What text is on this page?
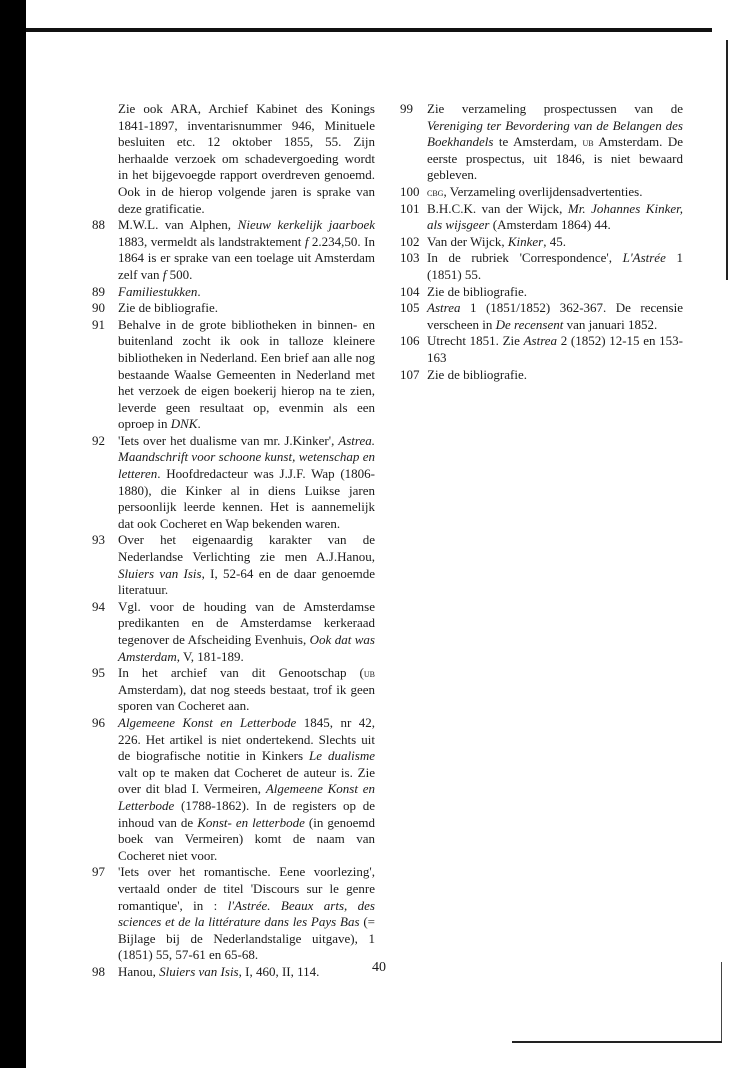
Zie ook ARA, Archief Kabinet des Konings 1841-1897, inventarisnummer 946, Minituele besluiten etc. 12 oktober 1855, 55. Zijn herhaalde verzoek om schadevergoeding wordt in het bijgevoegde rapport overdreven genoemd. Ook in de hierop volgende jaren is sprake van deze gratificatie.

88	M.W.L. van Alphen, Nieuw kerkelijk jaarboek 1883, vermeldt als landstraktement f 2.234,50. In 1864 is er sprake van een toelage uit Amsterdam zelf van f 500.

89	Familiestukken.

90	Zie de bibliografie.

91	Behalve in de grote bibliotheken in binnen- en buitenland zocht ik ook in talloze kleinere bibliotheken in Nederland. Een brief aan alle nog bestaande Waalse Gemeenten in Nederland met het verzoek de eigen boekerij hierop na te zien, leverde geen resultaat op, evenmin als een oproep in DNK.

92	'Iets over het dualisme van mr. J.Kinker', Astrea. Maandschrift voor schoone kunst, wetenschap en letteren. Hoofdredacteur was J.J.F. Wap (1806-1880), die Kinker al in diens Luikse jaren persoonlijk leerde kennen. Het is aannemelijk dat ook Cocheret en Wap bekenden waren.

93	Over het eigenaardig karakter van de Nederlandse Verlichting zie men A.J.Hanou, Sluiers van Isis, I, 52-64 en de daar genoemde literatuur.

94	Vgl. voor de houding van de Amsterdamse predikanten en de Amsterdamse kerkeraad tegenover de Afscheiding Evenhuis, Ook dat was Amsterdam, V, 181-189.

95	In het archief van dit Genootschap (ub Amsterdam), dat nog steeds bestaat, trof ik geen sporen van Cocheret aan.

96	Algemeene Konst en Letterbode 1845, nr 42, 226. Het artikel is niet ondertekend. Slechts uit de biografische notitie in Kinkers Le dualisme valt op te maken dat Cocheret de auteur is. Zie over dit blad I. Vermeiren, Algemeene Konst en Letterbode (1788-1862). In de registers op de inhoud van de Konst- en letterbode (in genoemd boek van Vermeiren) komt de naam van Cocheret niet voor.

97	'Iets over het romantische. Eene voorlezing', vertaald onder de titel 'Discours sur le genre romantique', in : l'Astrée. Beaux arts, des sciences et de la littérature dans les Pays Bas (= Bijlage bij de Nederlandstalige uitgave), 1 (1851) 55, 57-61 en 65-68.

98	Hanou, Sluiers van Isis, I, 460, II, 114.

99	Zie verzameling prospectussen van de Vereniging ter Bevordering van de Belangen des Boekhandels te Amsterdam, ub Amsterdam. De eerste prospectus, uit 1846, is niet bewaard gebleven.

100 cbg, Verzameling overlijdensadvertenties.

101 B.H.C.K. van der Wijck, Mr. Johannes Kinker, als wijsgeer (Amsterdam 1864) 44.

102 Van der Wijck, Kinker, 45.

103 In de rubriek 'Correspondence', L'Astrée 1 (1851) 55.

104 Zie de bibliografie.

105 Astrea 1 (1851/1852) 362-367. De recensie verscheen in De recensent van januari 1852.

106 Utrecht 1851. Zie Astrea 2 (1852) 12-15 en 153-163

107 Zie de bibliografie.

40
